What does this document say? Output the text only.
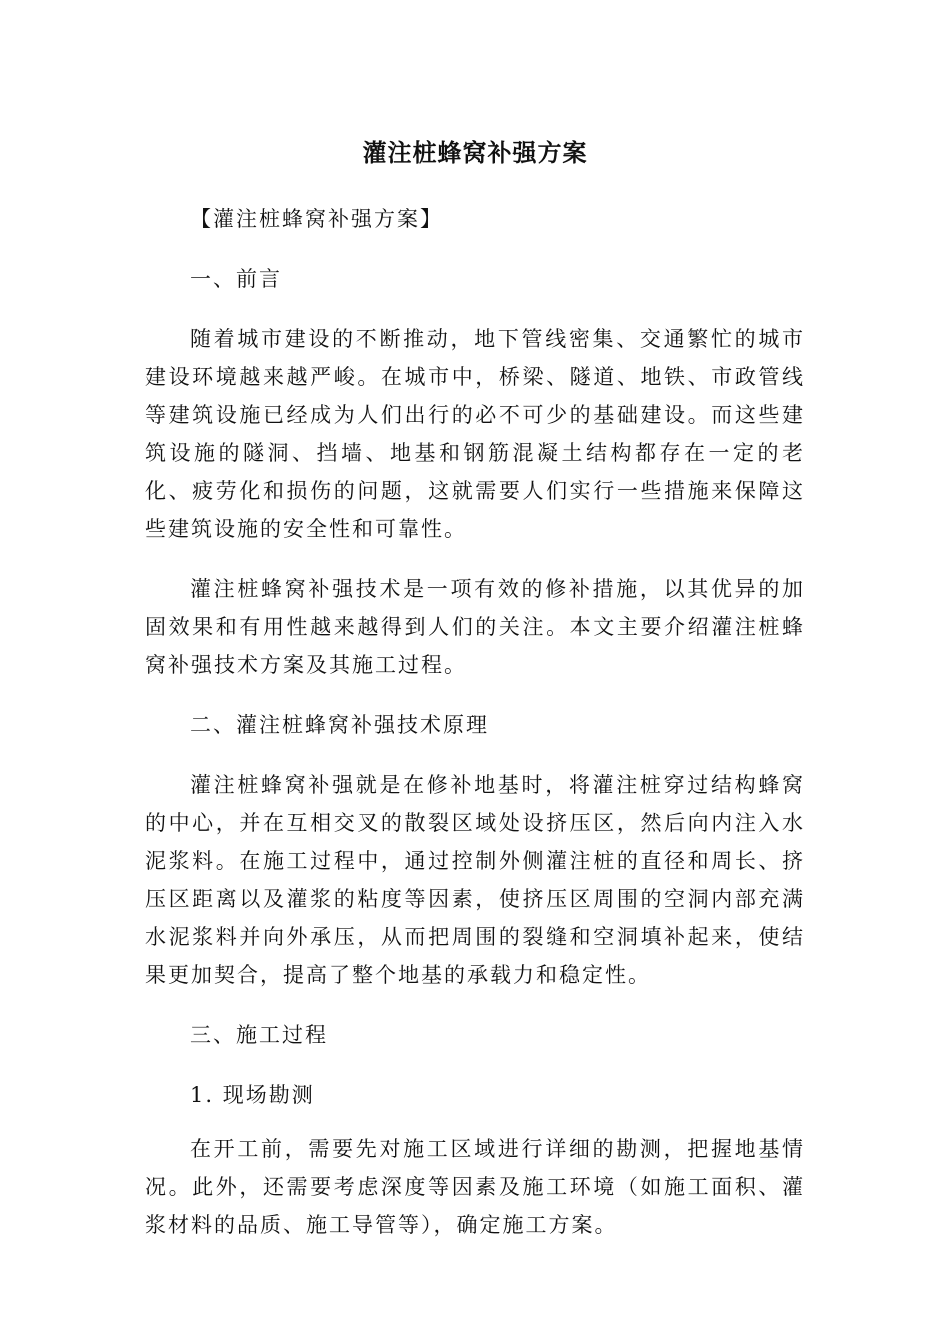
灌注桩蜂窝补强方案

【灌注桩蜂窝补强方案】

一、前言

随着城市建设的不断推动，地下管线密集、交通繁忙的城市建设环境越来越严峻。在城市中，桥梁、隧道、地铁、市政管线等建筑设施已经成为人们出行的必不可少的基础建设。而这些建筑设施的隧洞、挡墙、地基和钢筋混凝土结构都存在一定的老化、疲劳化和损伤的问题，这就需要人们实行一些措施来保障这些建筑设施的安全性和可靠性。

灌注桩蜂窝补强技术是一项有效的修补措施，以其优异的加固效果和有用性越来越得到人们的关注。本文主要介绍灌注桩蜂窝补强技术方案及其施工过程。

二、灌注桩蜂窝补强技术原理

灌注桩蜂窝补强就是在修补地基时，将灌注桩穿过结构蜂窝的中心，并在互相交叉的散裂区域处设挤压区，然后向内注入水泥浆料。在施工过程中，通过控制外侧灌注桩的直径和周长、挤压区距离以及灌浆的粘度等因素，使挤压区周围的空洞内部充满水泥浆料并向外承压，从而把周围的裂缝和空洞填补起来，使结果更加契合，提高了整个地基的承载力和稳定性。

三、施工过程

1. 现场勘测

在开工前，需要先对施工区域进行详细的勘测，把握地基情况。此外，还需要考虑深度等因素及施工环境（如施工面积、灌浆材料的品质、施工导管等），确定施工方案。
